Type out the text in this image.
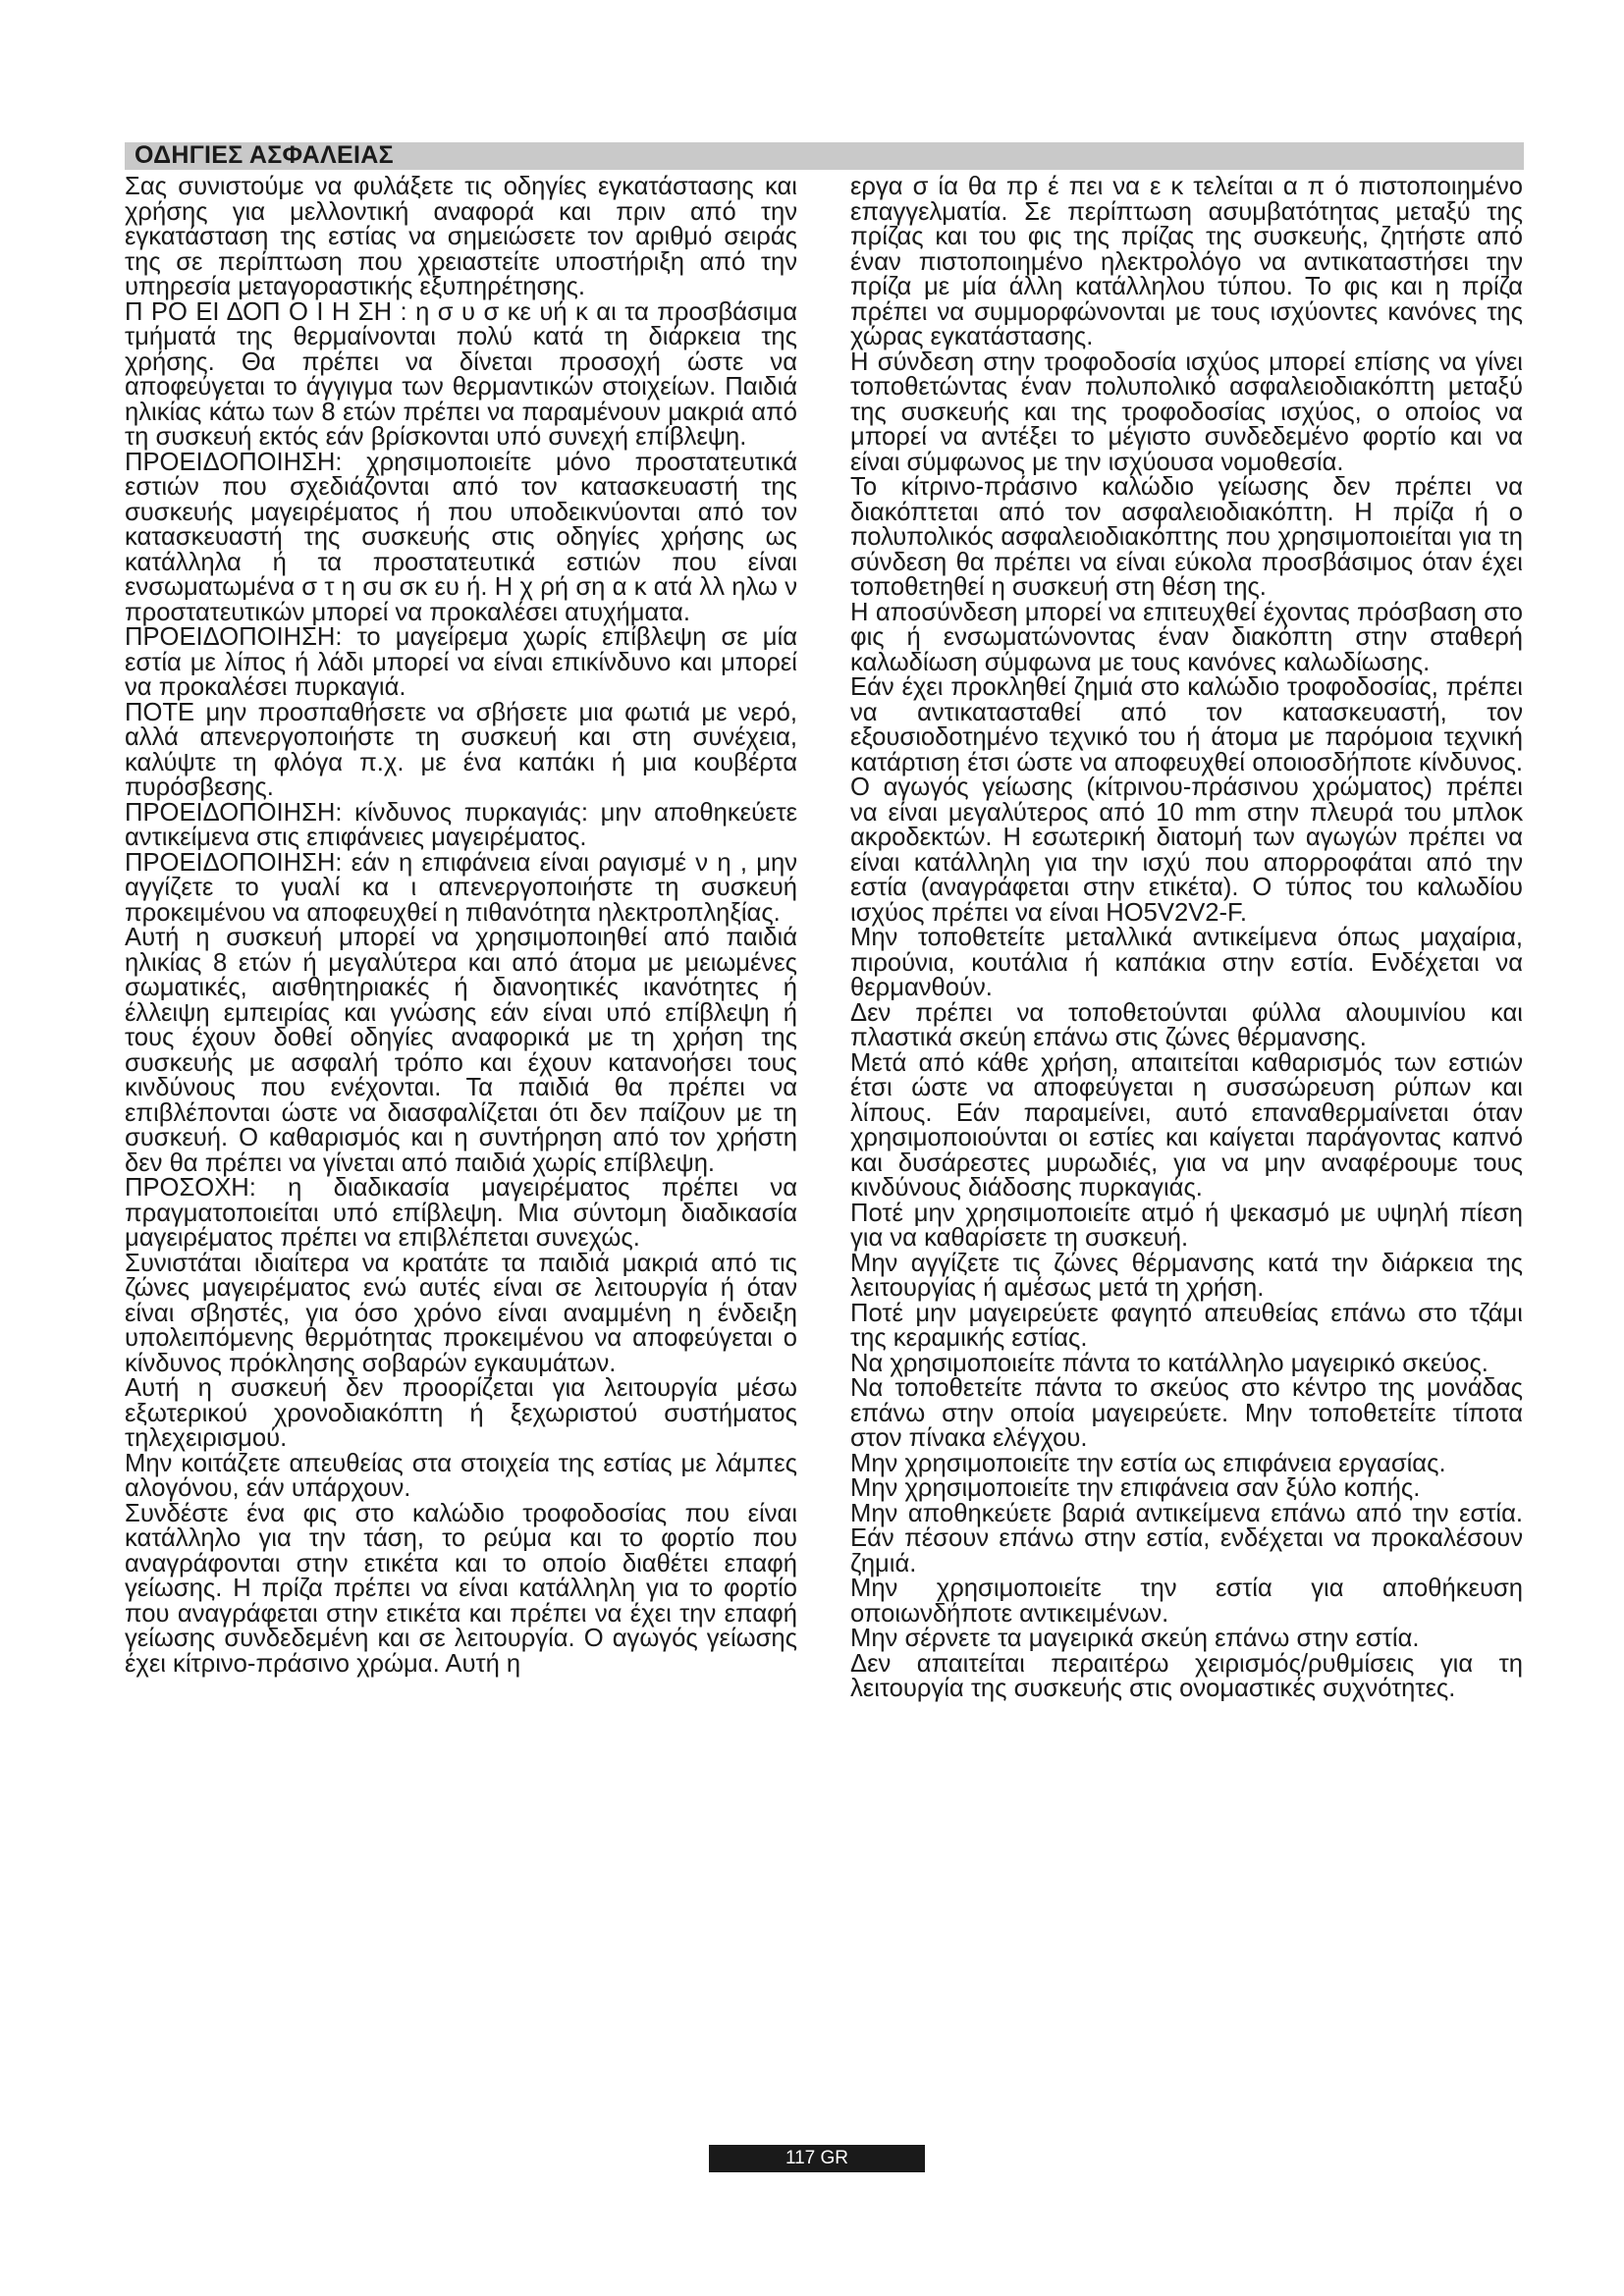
ΟΔΗΓΙΕΣ ΑΣΦΑΛΕΙΑΣ

Σας συνιστούμε να φυλάξετε τις οδηγίες εγκατάστασης και χρήσης για μελλοντική αναφορά και πριν από την εγκατάσταση της εστίας να σημειώσετε τον αριθμό σειράς της σε περίπτωση που χρειαστείτε υποστήριξη από την υπηρεσία μεταγοραστικής εξυπηρέτησης.

Π ΡΟ ΕΙ ΔΟΠ Ο Ι Η ΣΗ : η σ υ σ κε υή κ αι τα προσβάσιμα τμήματά της θερμαίνονται πολύ κατά τη διάρκεια της χρήσης. Θα πρέπει να δίνεται προσοχή ώστε να αποφεύγεται το άγγιγμα των θερμαντικών στοιχείων. Παιδιά ηλικίας κάτω των 8 ετών πρέπει να παραμένουν μακριά από τη συσκευή εκτός εάν βρίσκονται υπό συνεχή επίβλεψη.

ΠΡΟΕΙΔΟΠΟΙΗΣΗ: χρησιμοποιείτε μόνο προστατευτικά εστιών που σχεδιάζονται από τον κατασκευαστή της συσκευής μαγειρέματος ή που υποδεικνύονται από τον κατασκευαστή της συσκευής στις οδηγίες χρήσης ως κατάλληλα ή τα προστατευτικά εστιών που είναι ενσωματωμένα σ τ η σu σκ ευ ή. Η χ ρή ση α κ ατά λλ ηλω ν προστατευτικών μπορεί να προκαλέσει ατυχήματα.

ΠΡΟΕΙΔΟΠΟΙΗΣΗ: το μαγείρεμα χωρίς επίβλεψη σε μία εστία με λίπος ή λάδι μπορεί να είναι επικίνδυνο και μπορεί να προκαλέσει πυρκαγιά.

ΠΟΤΕ μην προσπαθήσετε να σβήσετε μια φωτιά με νερό, αλλά απενεργοποιήστε τη συσκευή και στη συνέχεια, καλύψτε τη φλόγα π.χ. με ένα καπάκι ή μια κουβέρτα πυρόσβεσης.

ΠΡΟΕΙΔΟΠΟΙΗΣΗ: κίνδυνος πυρκαγιάς: μην αποθηκεύετε αντικείμενα στις επιφάνειες μαγειρέματος.

ΠΡΟΕΙΔΟΠΟΙΗΣΗ: εάν η επιφάνεια είναι ραγισμέ ν η , μην αγγίζετε το γυαλί κα ι απενεργοποιήστε τη συσκευή προκειμένου να αποφευχθεί η πιθανότητα ηλεκτροπληξίας.

Αυτή η συσκευή μπορεί να χρησιμοποιηθεί από παιδιά ηλικίας 8 ετών ή μεγαλύτερα και από άτομα με μειωμένες σωματικές, αισθητηριακές ή διανοητικές ικανότητες ή έλλειψη εμπειρίας και γνώσης εάν είναι υπό επίβλεψη ή τους έχουν δοθεί οδηγίες αναφορικά με τη χρήση της συσκευής με ασφαλή τρόπο και έχουν κατανοήσει τους κινδύνους που ενέχονται. Τα παιδιά θα πρέπει να επιβλέπονται ώστε να διασφαλίζεται ότι δεν παίζουν με τη συσκευή. Ο καθαρισμός και η συντήρηση από τον χρήστη δεν θα πρέπει να γίνεται από παιδιά χωρίς επίβλεψη.

ΠΡΟΣΟΧΗ: η διαδικασία μαγειρέματος πρέπει να πραγματοποιείται υπό επίβλεψη. Μια σύντομη διαδικασία μαγειρέματος πρέπει να επιβλέπεται συνεχώς.

Συνιστάται ιδιαίτερα να κρατάτε τα παιδιά μακριά από τις ζώνες μαγειρέματος ενώ αυτές είναι σε λειτουργία ή όταν είναι σβηστές, για όσο χρόνο είναι αναμμένη η ένδειξη υπολειπόμενης θερμότητας προκειμένου να αποφεύγεται ο κίνδυνος πρόκλησης σοβαρών εγκαυμάτων.

Αυτή η συσκευή δεν προορίζεται για λειτουργία μέσω εξωτερικού χρονοδιακόπτη ή ξεχωριστού συστήματος τηλεχειρισμού.

Μην κοιτάζετε απευθείας στα στοιχεία της εστίας με λάμπες αλογόνου, εάν υπάρχουν.

Συνδέστε ένα φις στο καλώδιο τροφοδοσίας που είναι κατάλληλο για την τάση, το ρεύμα και το φορτίο που αναγράφονται στην ετικέτα και το οποίο διαθέτει επαφή γείωσης. Η πρίζα πρέπει να είναι κατάλληλη για το φορτίο που αναγράφεται στην ετικέτα και πρέπει να έχει την επαφή γείωσης συνδεδεμένη και σε λειτουργία. Ο αγωγός γείωσης έχει κίτρινο-πράσινο χρώμα. Αυτή η

εργα σ ία θα πρ έ πει να ε κ τελείται α π ό πιστοποιημένο επαγγελματία. Σε περίπτωση ασυμβατότητας μεταξύ της πρίζας και του φις της πρίζας της συσκευής, ζητήστε από έναν πιστοποιημένο ηλεκτρολόγο να αντικαταστήσει την πρίζα με μία άλλη κατάλληλου τύπου. Το φις και η πρίζα πρέπει να συμμορφώνονται με τους ισχύοντες κανόνες της χώρας εγκατάστασης.

Η σύνδεση στην τροφοδοσία ισχύος μπορεί επίσης να γίνει τοποθετώντας έναν πολυπολικό ασφαλειοδιακόπτη μεταξύ της συσκευής και της τροφοδοσίας ισχύος, ο οποίος να μπορεί να αντέξει το μέγιστο συνδεδεμένο φορτίο και να είναι σύμφωνος με την ισχύουσα νομοθεσία.

Το κίτρινο-πράσινο καλώδιο γείωσης δεν πρέπει να διακόπτεται από τον ασφαλειοδιακόπτη. Η πρίζα ή ο πολυπολικός ασφαλειοδιακόπτης που χρησιμοποιείται για τη σύνδεση θα πρέπει να είναι εύκολα προσβάσιμος όταν έχει τοποθετηθεί η συσκευή στη θέση της.

Η αποσύνδεση μπορεί να επιτευχθεί έχοντας πρόσβαση στο φις ή ενσωματώνοντας έναν διακόπτη στην σταθερή καλωδίωση σύμφωνα με τους κανόνες καλωδίωσης.

Εάν έχει προκληθεί ζημιά στο καλώδιο τροφοδοσίας, πρέπει να αντικατασταθεί από τον κατασκευαστή, τον εξουσιοδοτημένο τεχνικό του ή άτομα με παρόμοια τεχνική κατάρτιση έτσι ώστε να αποφευχθεί οποιοσδήποτε κίνδυνος. Ο αγωγός γείωσης (κίτρινου-πράσινου χρώματος) πρέπει να είναι μεγαλύτερος από 10 mm στην πλευρά του μπλοκ ακροδεκτών. Η εσωτερική διατομή των αγωγών πρέπει να είναι κατάλληλη για την ισχύ που απορροφάται από την εστία (αναγράφεται στην ετικέτα). Ο τύπος του καλωδίου ισχύος πρέπει να είναι HO5V2V2-F.

Μην τοποθετείτε μεταλλικά αντικείμενα όπως μαχαίρια, πιρούνια, κουτάλια ή καπάκια στην εστία. Ενδέχεται να θερμανθούν.

Δεν πρέπει να τοποθετούνται φύλλα αλουμινίου και πλαστικά σκεύη επάνω στις ζώνες θέρμανσης.

Μετά από κάθε χρήση, απαιτείται καθαρισμός των εστιών έτσι ώστε να αποφεύγεται η συσσώρευση ρύπων και λίπους. Εάν παραμείνει, αυτό επαναθερμαίνεται όταν χρησιμοποιούνται οι εστίες και καίγεται παράγοντας καπνό και δυσάρεστες μυρωδιές, για να μην αναφέρουμε τους κινδύνους διάδοσης πυρκαγιάς.

Ποτέ μην χρησιμοποιείτε ατμό ή ψεκασμό με υψηλή πίεση για να καθαρίσετε τη συσκευή.

Μην αγγίζετε τις ζώνες θέρμανσης κατά την διάρκεια της λειτουργίας ή αμέσως μετά τη χρήση.

Ποτέ μην μαγειρεύετε φαγητό απευθείας επάνω στο τζάμι της κεραμικής εστίας.

Να χρησιμοποιείτε πάντα το κατάλληλο μαγειρικό σκεύος.

Να τοποθετείτε πάντα το σκεύος στο κέντρο της μονάδας επάνω στην οποία μαγειρεύετε. Μην τοποθετείτε τίποτα στον πίνακα ελέγχου.

Μην χρησιμοποιείτε την εστία ως επιφάνεια εργασίας.

Μην χρησιμοποιείτε την επιφάνεια σαν ξύλο κοπής.

Μην αποθηκεύετε βαριά αντικείμενα επάνω από την εστία. Εάν πέσουν επάνω στην εστία, ενδέχεται να προκαλέσουν ζημιά.

Μην χρησιμοποιείτε την εστία για αποθήκευση οποιωνδήποτε αντικειμένων.

Μην σέρνετε τα μαγειρικά σκεύη επάνω στην εστία.

Δεν απαιτείται περαιτέρω χειρισμός/ρυθμίσεις για τη λειτουργία της συσκευής στις ονομαστικές συχνότητες.

117 GR
